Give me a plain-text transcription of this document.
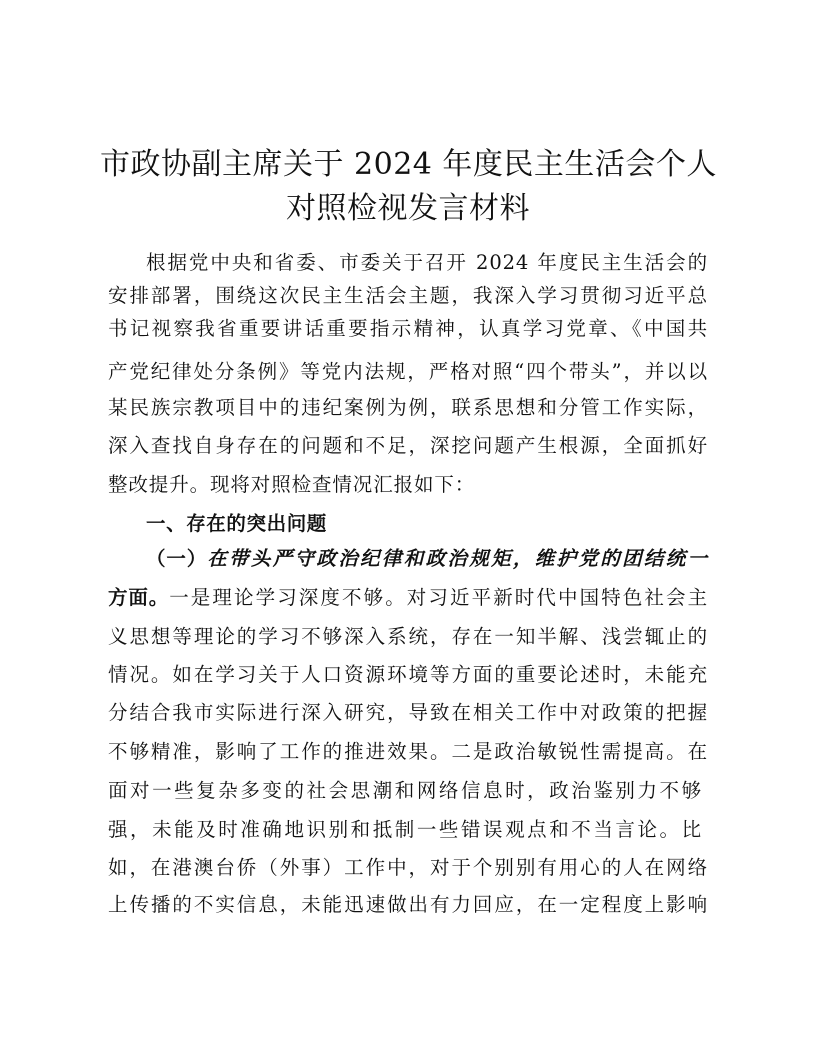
市政协副主席关于 2024 年度民主生活会个人
对照检视发言材料
根据党中央和省委、市委关于召开 2024 年度民主生活会的
安排部署，围绕这次民主生活会主题，我深入学习贯彻习近平总
书记视察我省重要讲话重要指示精神，认真学习党章、《中国共
产党纪律处分条例》等党内法规，严格对照“四个带头”，并以以
某民族宗教项目中的违纪案例为例，联系思想和分管工作实际，
深入查找自身存在的问题和不足，深挖问题产生根源，全面抓好
整改提升。现将对照检查情况汇报如下：
一、存在的突出问题
（一） 在带头严守政治纪律和政治规矩，维护党的团结统一
方面。 一是理论学习深度不够。对习近平新时代中国特色社会主
义思想等理论的学习不够深入系统，存在一知半解、浅尝辄止的
情况。如在学习关于人口资源环境等方面的重要论述时，未能充
分结合我市实际进行深入研究，导致在相关工作中对政策的把握
不够精准，影响了工作的推进效果。二是政治敏锐性需提高。在
面对一些复杂多变的社会思潮和网络信息时，政治鉴别力不够
强，未能及时准确地识别和抵制一些错误观点和不当言论。比
如，在港澳台侨（外事）工作中，对于个别别有用心的人在网络
上传播的不实信息，未能迅速做出有力回应，在一定程度上影响
